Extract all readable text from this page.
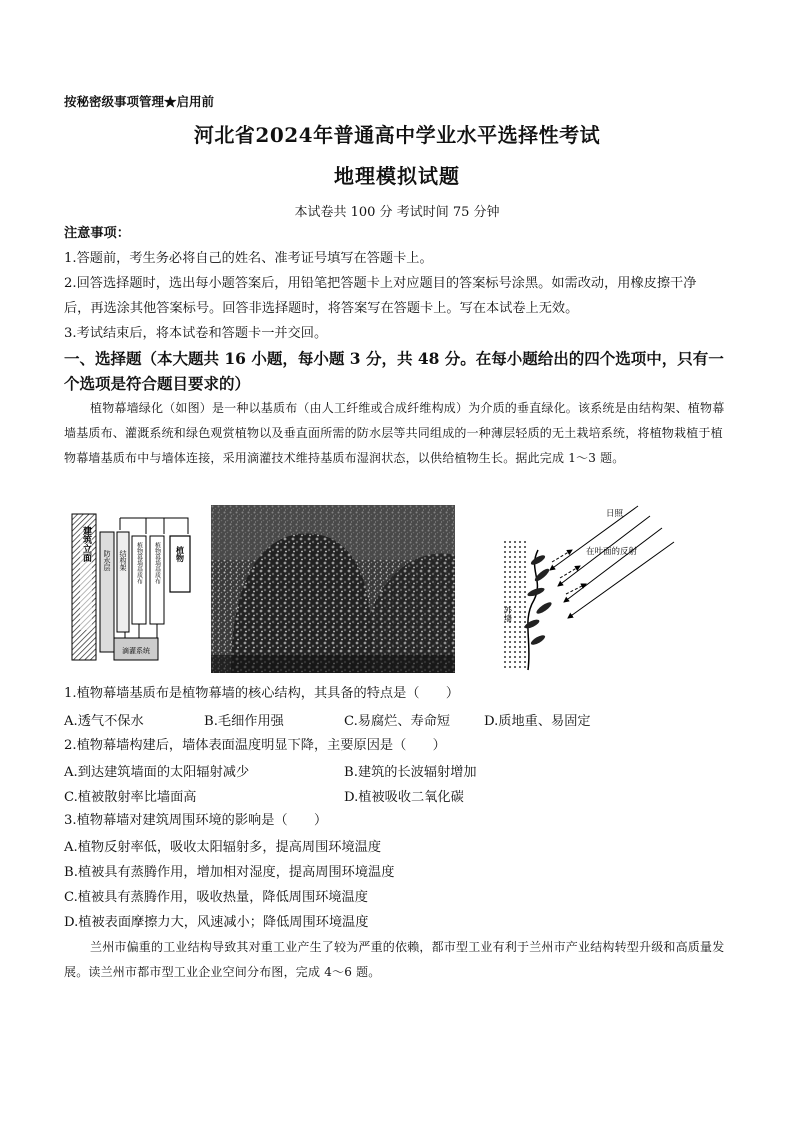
按秘密级事项管理★启用前
河北省2024年普通高中学业水平选择性考试
地理模拟试题
本试卷共 100 分 考试时间 75 分钟
注意事项：
1.答题前，考生务必将自己的姓名、准考证号填写在答题卡上。
2.回答选择题时，选出每小题答案后，用铅笔把答题卡上对应题目的答案标号涂黑。如需改动，用橡皮擦干净
后，再选涂其他答案标号。回答非选择题时，将答案写在答题卡上。写在本试卷上无效。
3.考试结束后，将本试卷和答题卡一并交回。
一、选择题（本大题共 16 小题，每小题 3 分，共 48 分。在每小题给出的四个选项中，只有一
个选项是符合题目要求的）

植物幕墙绿化（如图）是一种以基质布（由人工纤维或合成纤维构成）为介质的垂直绿化。该系统是由结构架、植物幕墙基质布、灌溉系统和绿色观赏植物以及垂直面所需的防水层等共同组成的一种薄层轻质的无土栽培系统，将植物栽植于植物幕墙基质布中与墙体连接，采用滴灌技术维持基质布湿润状态，以供给植物生长。据此完成 1～3 题。

建筑立面 防水层 结构架 植物幕墙基质布 植物幕墙基质布 植物
滴灌系统
日照
在叶面的反射
外墙
1.植物幕墙基质布是植物幕墙的核心结构，其具备的特点是（　　）
A.透气不保水	B.毛细作用强	C.易腐烂、寿命短	D.质地重、易固定
2.植物幕墙构建后，墙体表面温度明显下降，主要原因是（　　）
A.到达建筑墙面的太阳辐射减少	B.建筑的长波辐射增加
C.植被散射率比墙面高	D.植被吸收二氧化碳
3.植物幕墙对建筑周围环境的影响是（　　）
A.植物反射率低，吸收太阳辐射多，提高周围环境温度
B.植被具有蒸腾作用，增加相对湿度，提高周围环境温度
C.植被具有蒸腾作用，吸收热量，降低周围环境温度
D.植被表面摩擦力大，风速减小；降低周围环境温度

兰州市偏重的工业结构导致其对重工业产生了较为严重的依赖，都市型工业有利于兰州市产业结构转型升级和高质量发展。读兰州市都市型工业企业空间分布图，完成 4～6 题。
